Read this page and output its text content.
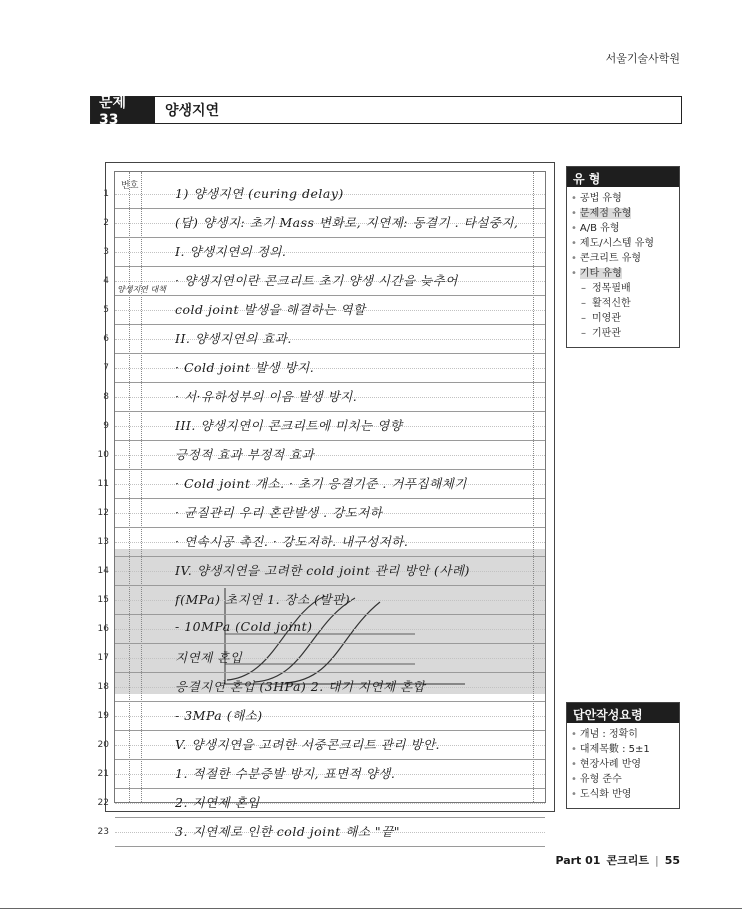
서울기술사학원
문제 33
양생지연
번호
양생지연 대책
1	1) 양생지연 (curing delay)
2	(답) 양생지: 초기 Mass 변화로, 지연제: 동결기 . 타설중지,
3	I. 양생지연의 정의.
4	· 양생지연이란 콘크리트 초기 양생 시간을 늦추어
5	cold joint 발생을 해결하는 역할
6	II. 양생지연의 효과.
7	· Cold joint 발생 방지.
8	· 서·유하성부의 이음 발생 방지.
9	III. 양생지연이 콘크리트에 미치는 영향
10	긍정적 효과 부정적 효과
11	· Cold joint 개소. · 초기 응결기준 . 거푸집해체기
12	· 균질관리 우리 혼란발생 . 강도저하
13	· 연속시공 촉진. · 강도저하. 내구성저하.
14	IV. 양생지연을 고려한 cold joint 관리 방안 (사례)
15	f(MPa) 초지연 1. 장소 (발판)
16	- 10MPa (Cold joint)
17	지연제 혼입
18	응결지연 혼입 (3HPa) 2. 대기 지연제 혼합
19	- 3MPa (해소)
20	V. 양생지연을 고려한 서중콘크리트 관리 방안.
21	1. 적절한 수분증발 방지, 표면적 양생.
22	2. 지연제 혼입
23	3. 지연제로 인한 cold joint 해소 "끝"
유 형
• 공법 유형
• 문제점 유형
• A/B 유형
• 제도/시스템 유형
• 콘크리트 유형
• 기타 유형
– 정목필배
– 활적신한
– 미영관
– 기판관
답안작성요령
• 개념 : 정확히
• 대제목數 : 5±1
• 현장사례 반영
• 유형 준수
• 도식화 반영
Part 01 콘크리트 | 55
